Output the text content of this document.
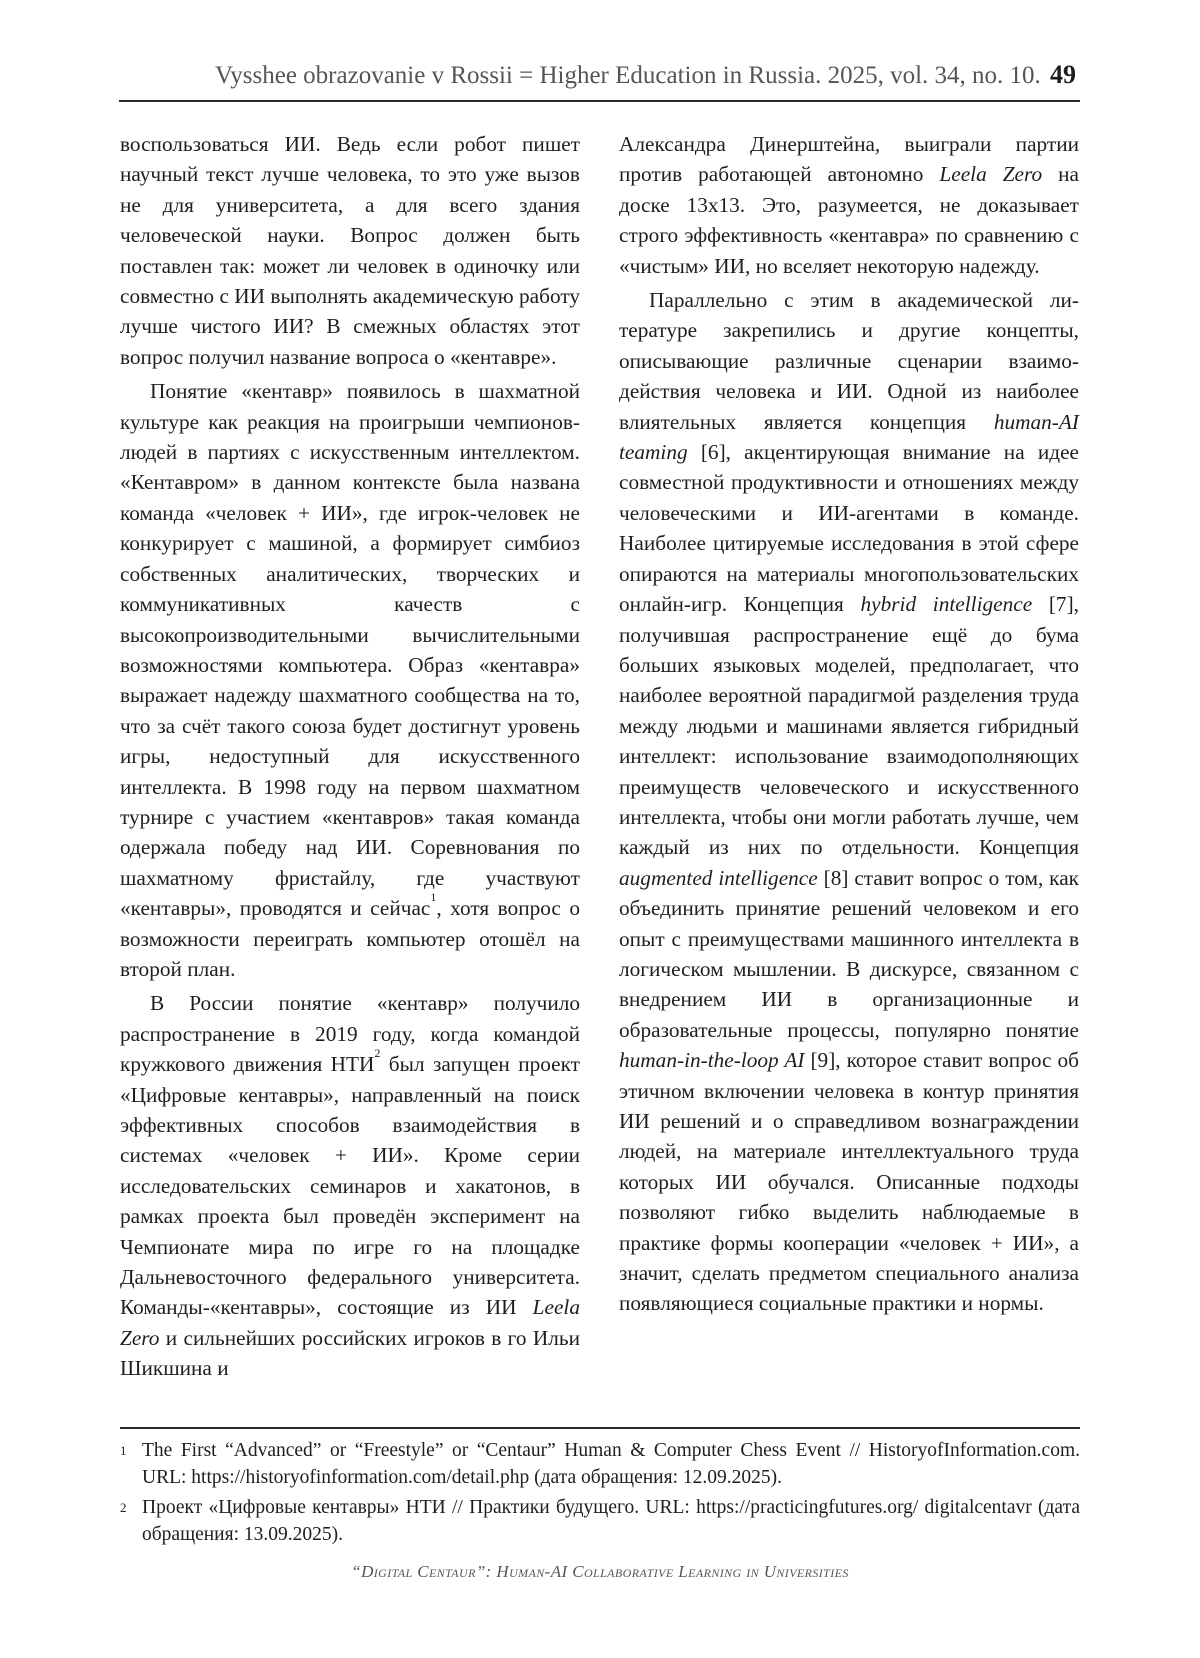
Vysshee obrazovanie v Rossii = Higher Education in Russia. 2025, vol. 34, no. 10. 49

воспользоваться ИИ. Ведь если робот пишет научный текст лучше человека, то это уже вызов не для университета, а для всего здания человеческой науки. Вопрос должен быть поставлен так: может ли человек в одиночку или совместно с ИИ выполнять академическую работу лучше чистого ИИ? В смежных областях этот вопрос получил название вопроса о «кентавре».

Понятие «кентавр» появилось в шахматной культуре как реакция на проигрыши чемпионов-людей в партиях с искусственным интеллектом. «Кентавром» в данном контексте была названа команда «человек + ИИ», где игрок-человек не конкурирует с машиной, а формирует симбиоз собственных аналитических, творческих и коммуникативных качеств с высокопроизводительными вычислительными возможностями компьютера. Образ «кентавра» выражает надежду шахматного сообщества на то, что за счёт такого союза будет достигнут уровень игры, недоступный для искусственного интеллекта. В 1998 году на первом шахматном турнире с участием «кентавров» такая команда одержала победу над ИИ. Соревнования по шахматному фристайлу, где участвуют «кентавры», проводятся и сейчас$^1$, хотя вопрос о возможности переиграть компьютер отошёл на второй план.

В России понятие «кентавр» получило распространение в 2019 году, когда командой кружкового движения НТИ$^2$ был запущен проект «Цифровые кентавры», направленный на поиск эффективных способов взаимодействия в системах «человек + ИИ». Кроме серии исследовательских семинаров и хакатонов, в рамках проекта был проведён эксперимент на Чемпионате мира по игре го на площадке Дальневосточного федерального университета. Команды-«кентавры», состоящие из ИИ Leela Zero и сильнейших российских игроков в го Ильи Шикшина и

Александра Динерштейна, выиграли партии против работающей автономно Leela Zero на доске 13х13. Это, разумеется, не доказывает строго эффективность «кентавра» по сравнению с «чистым» ИИ, но вселяет некоторую надежду.

Параллельно с этим в академической литературе закрепились и другие концепты, описывающие различные сценарии взаимодействия человека и ИИ. Одной из наиболее влиятельных является концепция human-AI teaming [6], акцентирующая внимание на идее совместной продуктивности и отношениях между человеческими и ИИ-агентами в команде. Наиболее цитируемые исследования в этой сфере опираются на материалы многопользовательских онлайн-игр. Концепция hybrid intelligence [7], получившая распространение ещё до бума больших языковых моделей, предполагает, что наиболее вероятной парадигмой разделения труда между людьми и машинами является гибридный интеллект: использование взаимодополняющих преимуществ человеческого и искусственного интеллекта, чтобы они могли работать лучше, чем каждый из них по отдельности. Концепция augmented intelligence [8] ставит вопрос о том, как объединить принятие решений человеком и его опыт с преимуществами машинного интеллекта в логическом мышлении. В дискурсе, связанном с внедрением ИИ в организационные и образовательные процессы, популярно понятие human-in-the-loop AI [9], которое ставит вопрос об этичном включении человека в контур принятия ИИ решений и о справедливом вознаграждении людей, на материале интеллектуального труда которых ИИ обучался. Описанные подходы позволяют гибко выделить наблюдаемые в практике формы кооперации «человек + ИИ», а значит, сделать предметом специального анализа появляющиеся социальные практики и нормы.

1 The First “Advanced” or “Freestyle” or “Centaur” Human & Computer Chess Event // HistoryofInformation.com. URL: https://historyofinformation.com/detail.php (дата обращения: 12.09.2025).
2 Проект «Цифровые кентавры» НТИ // Практики будущего. URL: https://practicingfutures.org/ digitalcentavr (дата обращения: 13.09.2025).
“Digital Centaur”: Human-AI Collaborative Learning in Universities
